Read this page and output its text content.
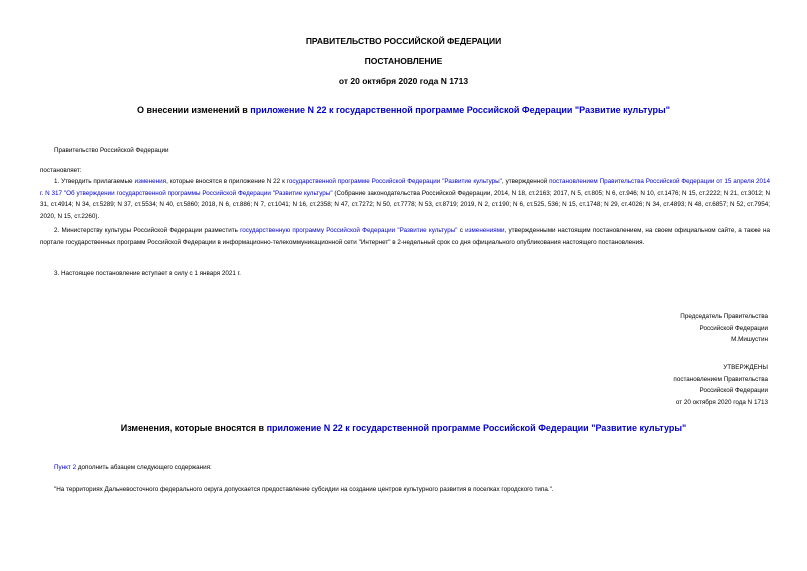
ПРАВИТЕЛЬСТВО РОССИЙСКОЙ ФЕДЕРАЦИИ
ПОСТАНОВЛЕНИЕ
от 20 октября 2020 года N 1713
О внесении изменений в приложение N 22 к государственной программе Российской Федерации "Развитие культуры"
Правительство Российской Федерации
постановляет:
1. Утвердить прилагаемые изменения, которые вносятся в приложение N 22 к государственной программе Российской Федерации "Развитие культуры", утвержденной постановлением Правительства Российской Федерации от 15 апреля 2014 г. N 317 "Об утверждении государственной программы Российской Федерации "Развитие культуры" (Собрание законодательства Российской Федерации, 2014, N 18, ст.2163; 2017, N 5, ст.805; N 6, ст.946; N 10, ст.1476; N 15, ст.2222; N 21, ст.3012; N 31, ст.4914; N 34, ст.5289; N 37, ст.5534; N 40, ст.5860; 2018, N 6, ст.886; N 7, ст.1041; N 16, ст.2358; N 47, ст.7272; N 50, ст.7778; N 53, ст.8719; 2019, N 2, ст.190; N 6, ст.525, 536; N 15, ст.1748; N 29, ст.4026; N 34, ст.4893; N 48, ст.6857; N 52, ст.7954; 2020, N 15, ст.2260).
2. Министерству культуры Российской Федерации разместить государственную программу Российской Федерации "Развитие культуры" с изменениями, утвержденными настоящим постановлением, на своем официальном сайте, а также на портале государственных программ Российской Федерации в информационно-телекоммуникационной сети "Интернет" в 2-недельный срок со дня официального опубликования настоящего постановления.
3. Настоящее постановление вступает в силу с 1 января 2021 г.
Председатель Правительства
Российской Федерации
М.Мишустин
УТВЕРЖДЕНЫ
постановлением Правительства
Российской Федерации
от 20 октября 2020 года N 1713
Изменения, которые вносятся в приложение N 22 к государственной программе Российской Федерации "Развитие культуры"
Пункт 2 дополнить абзацем следующего содержания:
"На территориях Дальневосточного федерального округа допускается предоставление субсидии на создание центров культурного развития в поселках городского типа.".
